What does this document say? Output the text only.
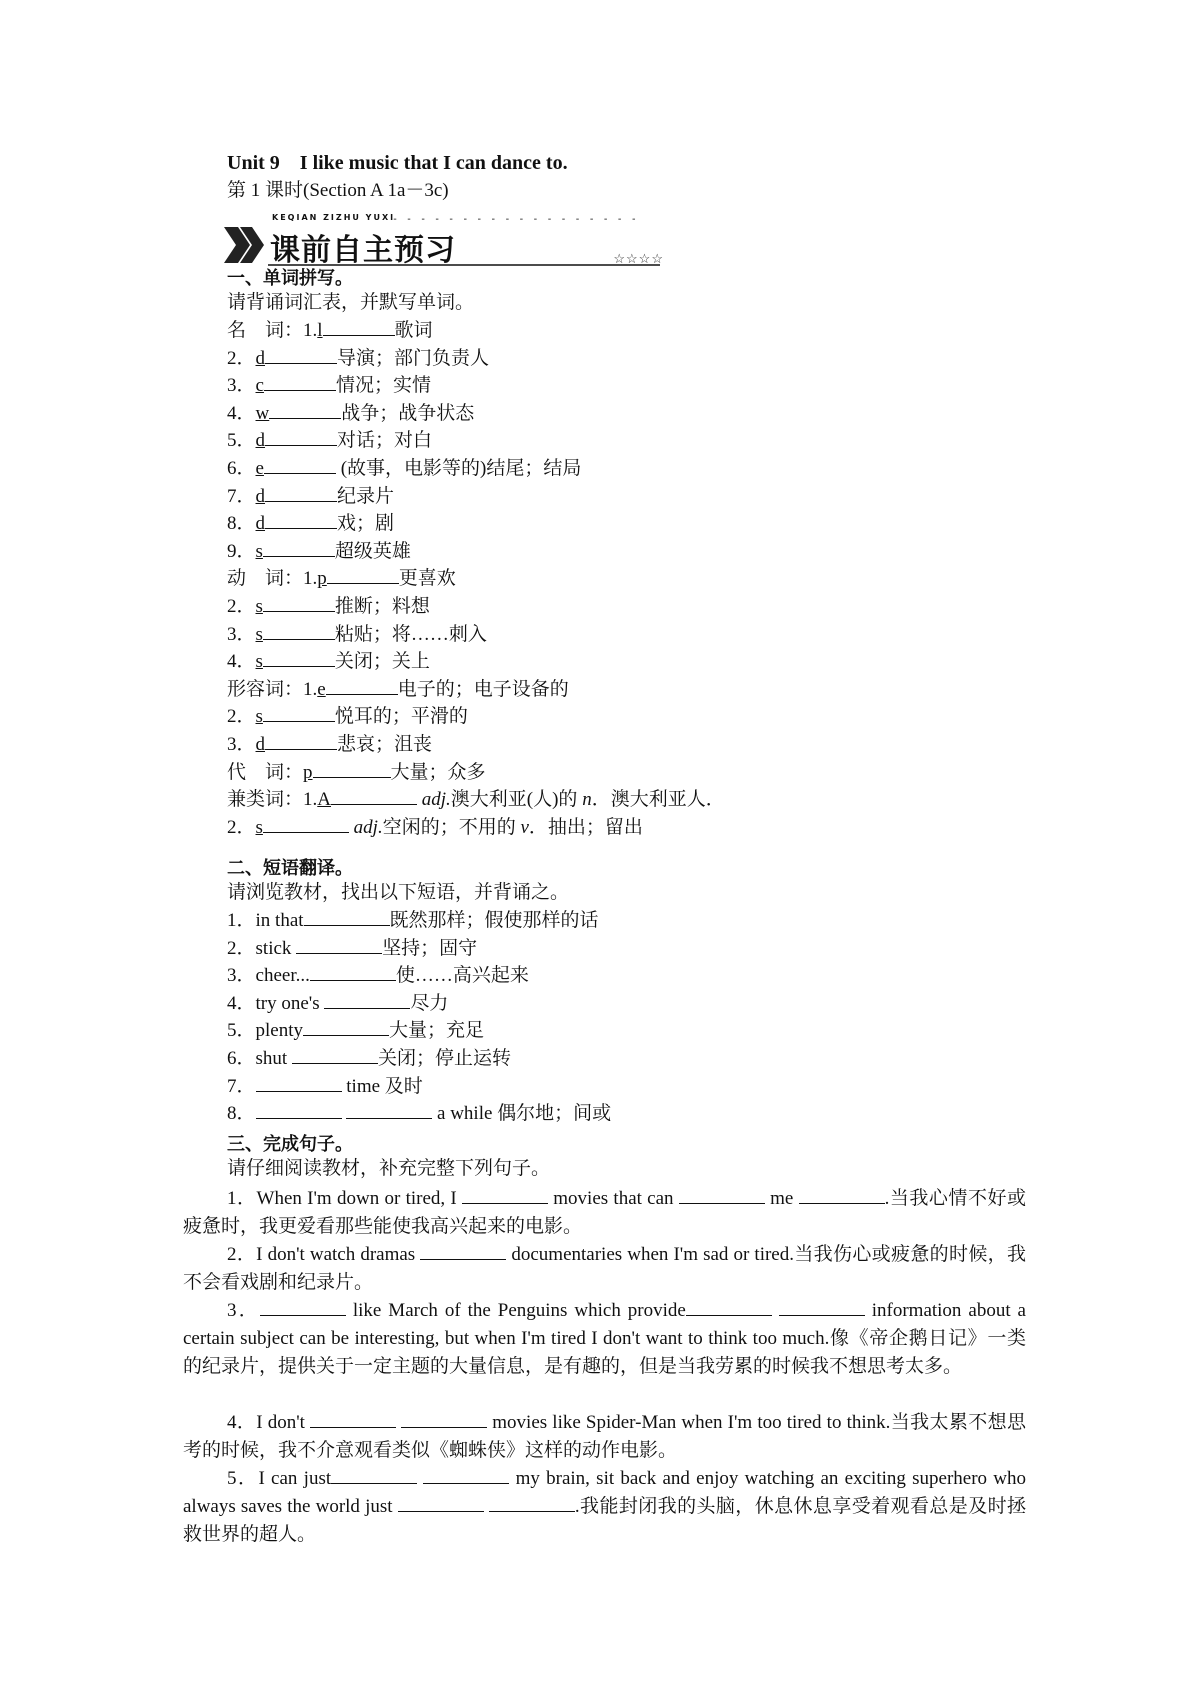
Unit 9　I like music that I can dance to.
第 1 课时(Section A 1a－3c)
KEQIAN ZIZHU YUXI
- - - - - - - - - - - - - - - - - -
课前自主预习	☆☆☆☆
一、单词拼写。
请背诵词汇表，并默写单词。
名　词：1.l	歌词
2．d	导演；部门负责人
3．c	情况；实情
4．w	战争；战争状态
5．d	对话；对白
6．e	(故事，电影等的)结尾；结局
7．d	纪录片
8．d	戏；剧
9．s	超级英雄
动　词：1.p	更喜欢
2．s	推断；料想
3．s	粘贴；将……刺入
4．s	关闭；关上
形容词：1.e	电子的；电子设备的
2．s	悦耳的；平滑的
3．d	悲哀；沮丧
代　词：p	大量；众多
兼类词：1.A	adj.澳大利亚(人)的 n．澳大利亚人．
2．s	adj.空闲的；不用的 v．抽出；留出
二、短语翻译。
请浏览教材，找出以下短语，并背诵之。
1．in that	既然那样；假使那样的话
2．stick	坚持；固守
3．cheer...	使……高兴起来
4．try one's	尽力
5．plenty	大量；充足
6．shut	关闭；停止运转
7．	time 及时
8．	a while 偶尔地；间或
三、完成句子。
请仔细阅读教材，补充完整下列句子。
1．When I'm down or tired, I	movies that can	me	.当我心情不好或疲惫时，我更爱看那些能使我高兴起来的电影。
2．I don't watch dramas	documentaries when I'm sad or tired.当我伤心或疲惫的时候，我不会看戏剧和纪录片。
3．	like March of the Penguins which provide	information about a certain subject can be interesting, but when I'm tired I don't want to think too much.像《帝企鹅日记》一类的纪录片，提供关于一定主题的大量信息，是有趣的，但是当我劳累的时候我不想思考太多。
4．I don't	movies like Spider-Man when I'm too tired to think.当我太累不想思考的时候，我不介意观看类似《蜘蛛侠》这样的动作电影。
5．I can just	my brain, sit back and enjoy watching an exciting superhero who always saves the world just	.我能封闭我的头脑，休息休息享受着观看总是及时拯救世界的超人。
